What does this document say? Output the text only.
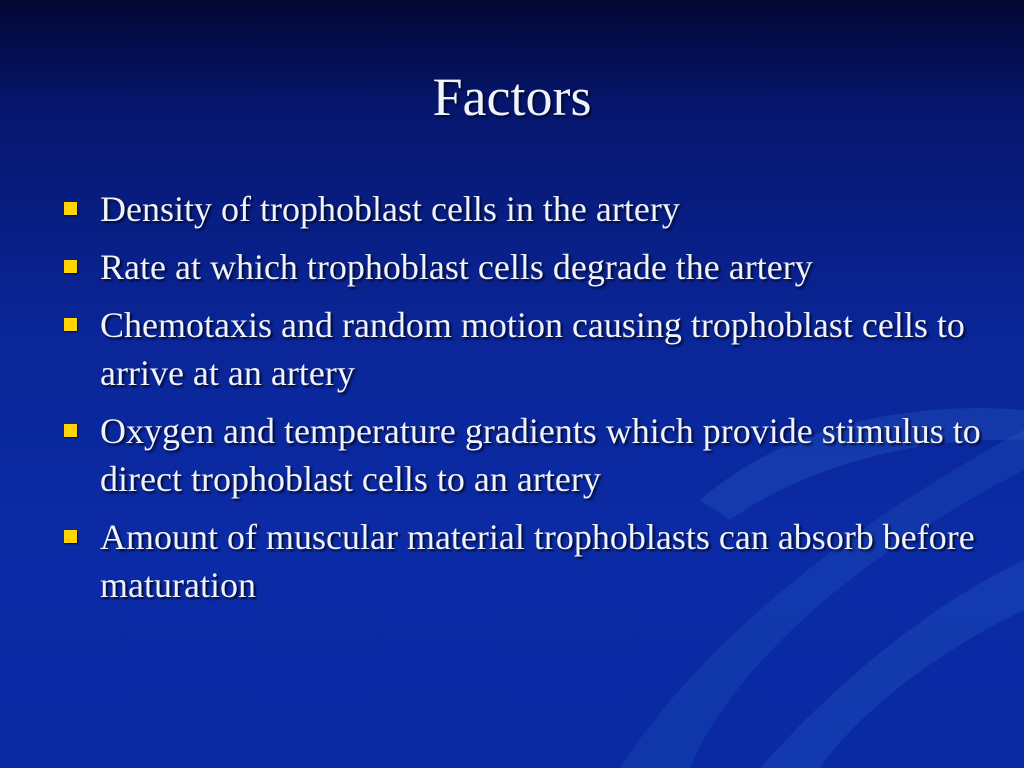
Factors
Density of trophoblast cells in the artery
Rate at which trophoblast cells degrade the artery
Chemotaxis and random motion causing trophoblast cells to arrive at an artery
Oxygen and temperature gradients which provide stimulus to direct trophoblast cells to an artery
Amount of muscular material trophoblasts can absorb before maturation
